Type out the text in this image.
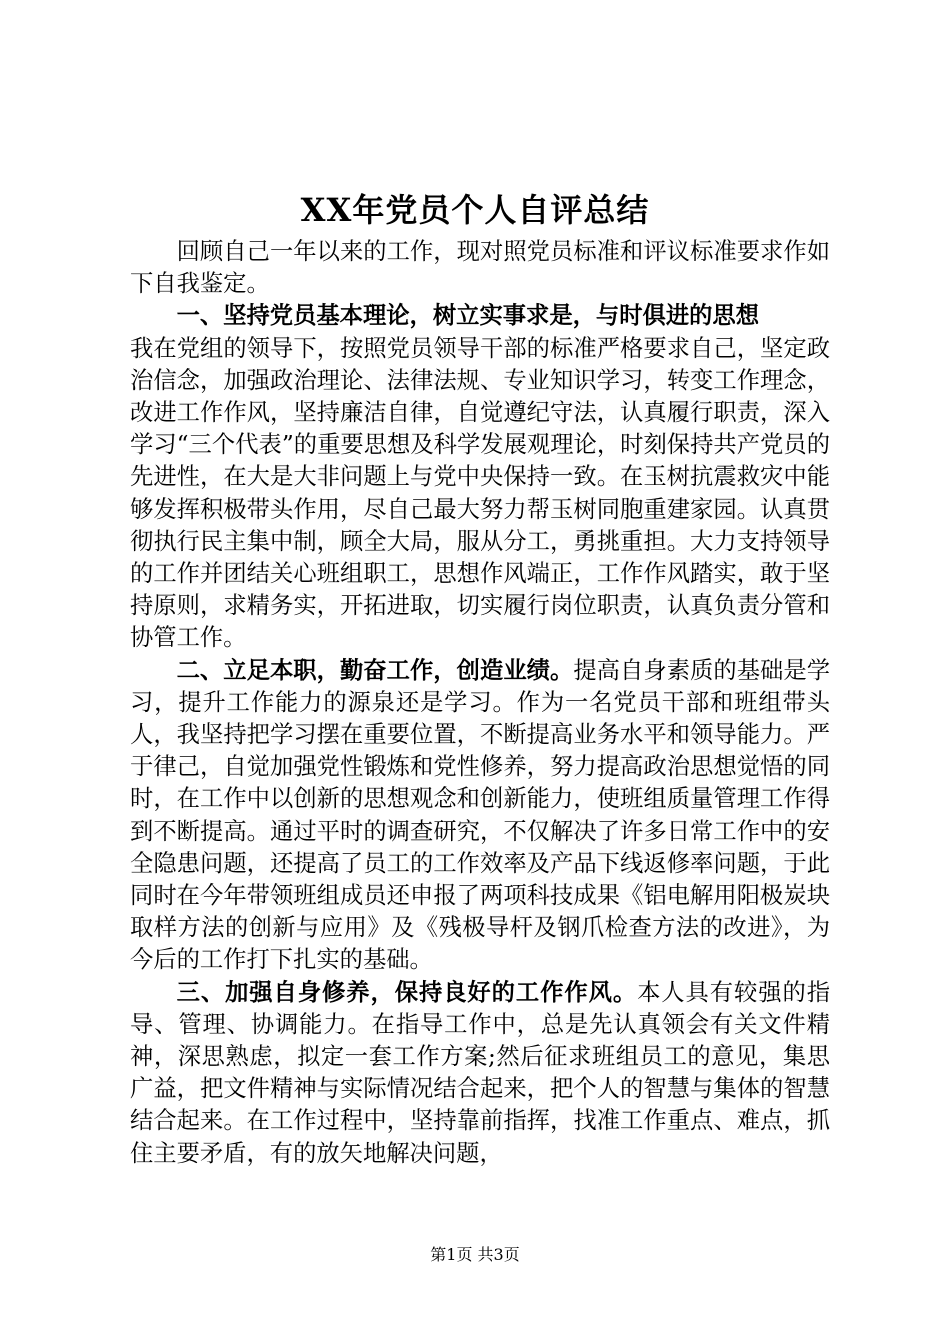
XX年党员个人自评总结

回顾自己一年以来的工作，现对照党员标准和评议标准要求作如下自我鉴定。

一、坚持党员基本理论，树立实事求是，与时俱进的思想

我在党组的领导下，按照党员领导干部的标准严格要求自己，坚定政治信念，加强政治理论、法律法规、专业知识学习，转变工作理念，改进工作作风，坚持廉洁自律，自觉遵纪守法，认真履行职责，深入学习“三个代表”的重要思想及科学发展观理论，时刻保持共产党员的先进性，在大是大非问题上与党中央保持一致。在玉树抗震救灾中能够发挥积极带头作用，尽自己最大努力帮玉树同胞重建家园。认真贯彻执行民主集中制，顾全大局，服从分工，勇挑重担。大力支持领导的工作并团结关心班组职工，思想作风端正，工作作风踏实，敢于坚持原则，求精务实，开拓进取，切实履行岗位职责，认真负责分管和协管工作。

二、立足本职，勤奋工作，创造业绩。提高自身素质的基础是学习，提升工作能力的源泉还是学习。作为一名党员干部和班组带头人，我坚持把学习摆在重要位置，不断提高业务水平和领导能力。严于律己，自觉加强党性锻炼和党性修养，努力提高政治思想觉悟的同时，在工作中以创新的思想观念和创新能力，使班组质量管理工作得到不断提高。通过平时的调查研究，不仅解决了许多日常工作中的安全隐患问题，还提高了员工的工作效率及产品下线返修率问题，于此同时在今年带领班组成员还申报了两项科技成果《铝电解用阳极炭块取样方法的创新与应用》及《残极导杆及钢爪检查方法的改进》，为今后的工作打下扎实的基础。

三、加强自身修养，保持良好的工作作风。本人具有较强的指导、管理、协调能力。在指导工作中，总是先认真领会有关文件精神，深思熟虑，拟定一套工作方案;然后征求班组员工的意见，集思广益，把文件精神与实际情况结合起来，把个人的智慧与集体的智慧结合起来。在工作过程中，坚持靠前指挥，找准工作重点、难点，抓住主要矛盾，有的放矢地解决问题，

第1页 共3页
